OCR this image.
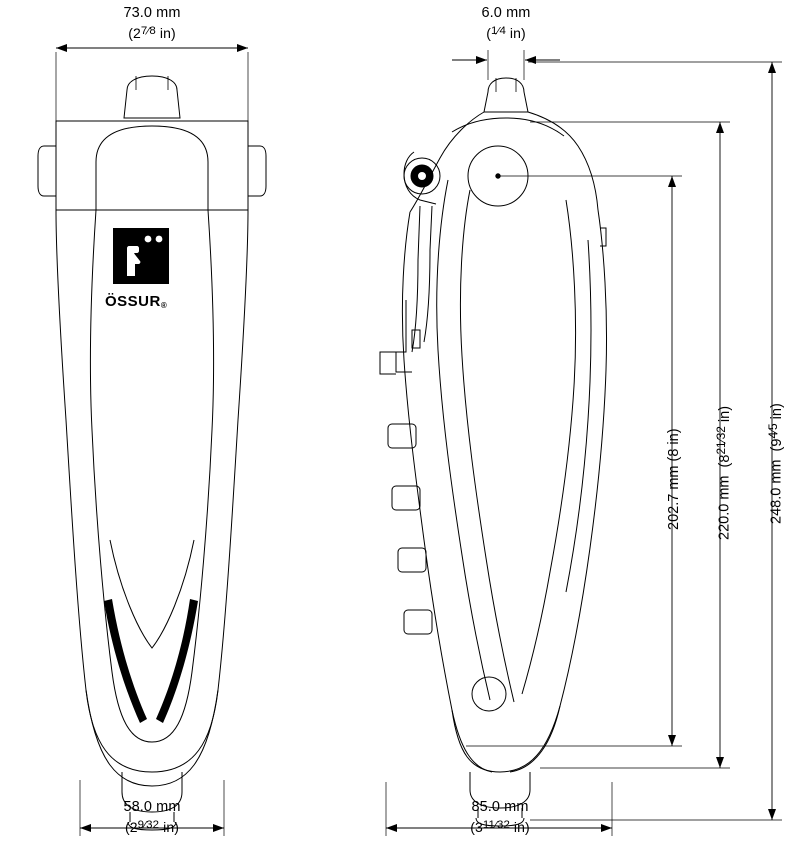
ÖSSUR®
73.0 mm
($2^7⁄_8$ in)
58.0 mm
($2^9⁄_{32}$ in)
6.0 mm
($^1⁄_4$ in)
85.0 mm
($3^{11}⁄_{32}$ in)
202.7 mm (8 in) 220.0 mm  ($8^{21}⁄_{32}$ in)
248.0 mm  ($9^4⁄_5$ in)
